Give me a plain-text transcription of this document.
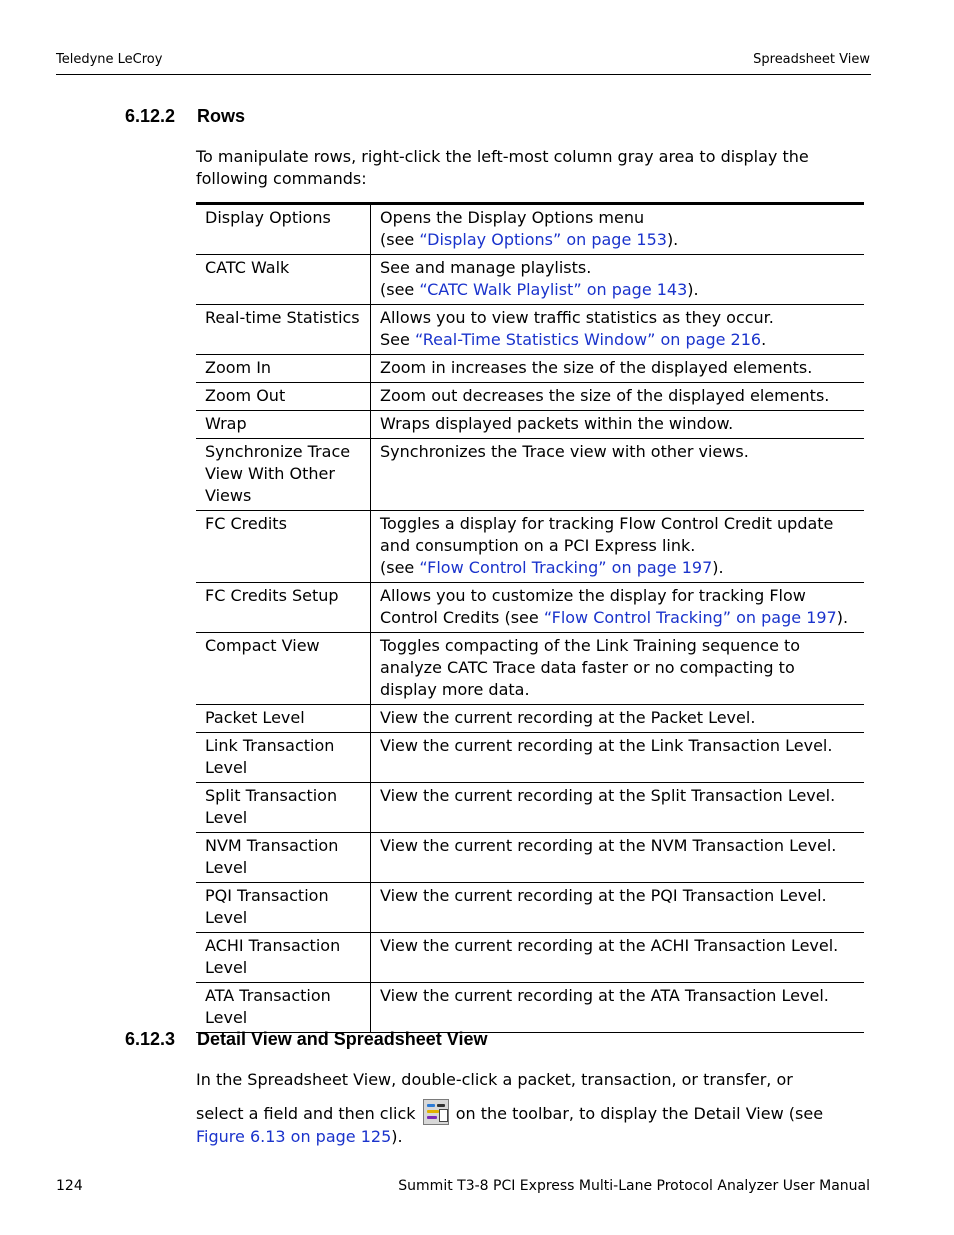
Teledyne LeCroy	Spreadsheet View
6.12.2 Rows
To manipulate rows, right-click the left-most column gray area to display the following commands:
Display Options	Opens the Display Options menu
(see “Display Options” on page 153).
CATC Walk	See and manage playlists.
(see “CATC Walk Playlist” on page 143).
Real-time Statistics	Allows you to view traffic statistics as they occur.
See “Real-Time Statistics Window” on page 216.
Zoom In	Zoom in increases the size of the displayed elements.
Zoom Out	Zoom out decreases the size of the displayed elements.
Wrap	Wraps displayed packets within the window.
Synchronize Trace View With Other Views	Synchronizes the Trace view with other views.
FC Credits	Toggles a display for tracking Flow Control Credit update and consumption on a PCI Express link.
(see “Flow Control Tracking” on page 197).
FC Credits Setup	Allows you to customize the display for tracking Flow Control Credits (see “Flow Control Tracking” on page 197).
Compact View	Toggles compacting of the Link Training sequence to analyze CATC Trace data faster or no compacting to display more data.
Packet Level	View the current recording at the Packet Level.
Link Transaction Level	View the current recording at the Link Transaction Level.
Split Transaction Level	View the current recording at the Split Transaction Level.
NVM Transaction Level	View the current recording at the NVM Transaction Level.
PQI Transaction Level	View the current recording at the PQI Transaction Level.
ACHI Transaction Level	View the current recording at the ACHI Transaction Level.
ATA Transaction Level	View the current recording at the ATA Transaction Level.
6.12.3 Detail View and Spreadsheet View
In the Spreadsheet View, double-click a packet, transaction, or transfer, or
select a field and then click	on the toolbar, to display the Detail View (see
Figure 6.13 on page 125).
124	Summit T3-8 PCI Express Multi-Lane Protocol Analyzer User Manual
